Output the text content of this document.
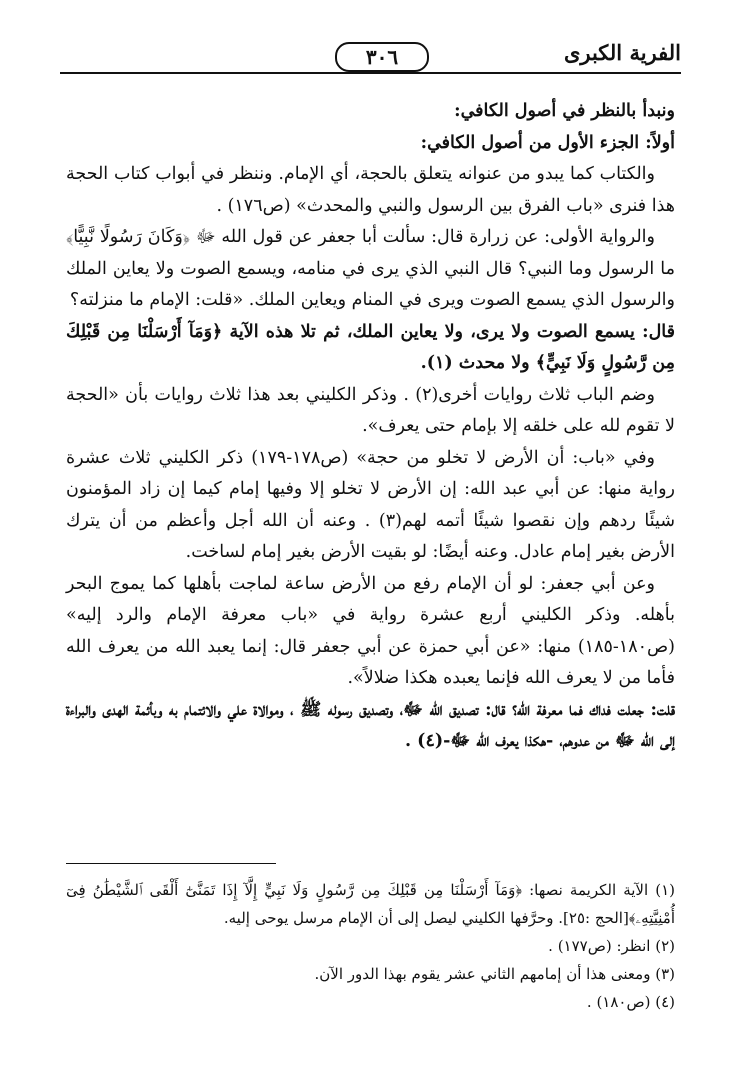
الفرية الكبرى
٣٠٦

ونبدأ بالنظر في أصول الكافي:

أولاً: الجزء الأول من أصول الكافي:

والكتاب كما يبدو من عنوانه يتعلق بالحجة، أي الإمام. وننظر في أبواب كتاب الحجة هذا فنرى «باب الفرق بين الرسول والنبي والمحدث» (ص١٧٦) .

والرواية الأولى: عن زرارة قال: سألت أبا جعفر عن قول الله ﷻ ﴿وَكَانَ رَسُولًا نَّبِيًّا﴾ ما الرسول وما النبي؟ قال النبي الذي يرى في منامه، ويسمع الصوت ولا يعاين الملك والرسول الذي يسمع الصوت ويرى في المنام ويعاين الملك. «قلت: الإمام ما منزلته؟

قال: يسمع الصوت ولا يرى، ولا يعاين الملك، ثم تلا هذه الآية ﴿وَمَآ أَرْسَلْنَا مِن قَبْلِكَ مِن رَّسُولٍ وَلَا نَبِيٍّ﴾ ولا محدث (١).

وضم الباب ثلاث روايات أخرى(٢) . وذكر الكليني بعد هذا ثلاث روايات بأن «الحجة لا تقوم لله على خلقه إلا بإمام حتى يعرف».

وفي «باب: أن الأرض لا تخلو من حجة» (ص١٧٨-١٧٩) ذكر الكليني ثلاث عشرة رواية منها: عن أبي عبد الله: إن الأرض لا تخلو إلا وفيها إمام كيما إن زاد المؤمنون شيئًا ردهم وإن نقصوا شيئًا أتمه لهم(٣) . وعنه أن الله أجل وأعظم من أن يترك الأرض بغير إمام عادل. وعنه أيضًا: لو بقيت الأرض بغير إمام لساخت.

وعن أبي جعفر: لو أن الإمام رفع من الأرض ساعة لماجت بأهلها كما يموج البحر بأهله. وذكر الكليني أربع عشرة رواية في «باب معرفة الإمام والرد إليه» (ص١٨٠-١٨٥) منها: «عن أبي حمزة عن أبي جعفر قال: إنما يعبد الله من يعرف الله فأما من لا يعرف الله فإنما يعبده هكذا ضلالاً».

قلت: جعلت فداك فما معرفة الله؟ قال: تصديق الله ﷻ، وتصديق رسوله ﷺ ، وموالاة علي والائتمام به وبأئمة الهدى والبراءة إلى الله ﷻ من عدوهم، -هكذا يعرف الله ﷻ-(٤) .

(١) الآية الكريمة نصها: ﴿وَمَآ أَرْسَلْنَا مِن قَبْلِكَ مِن رَّسُولٍ وَلَا نَبِيٍّ إِلَّآ إِذَا تَمَنَّىٰٓ أَلْقَى ٱلشَّيْطَٰنُ فِىٓ أُمْنِيَّتِهِۦ﴾[الحج :٢٥]. وحرَّفها الكليني ليصل إلى أن الإمام مرسل يوحى إليه.

(٢) انظر: (ص١٧٧) .

(٣) ومعنى هذا أن إمامهم الثاني عشر يقوم بهذا الدور الآن.

(٤) (ص١٨٠) .
